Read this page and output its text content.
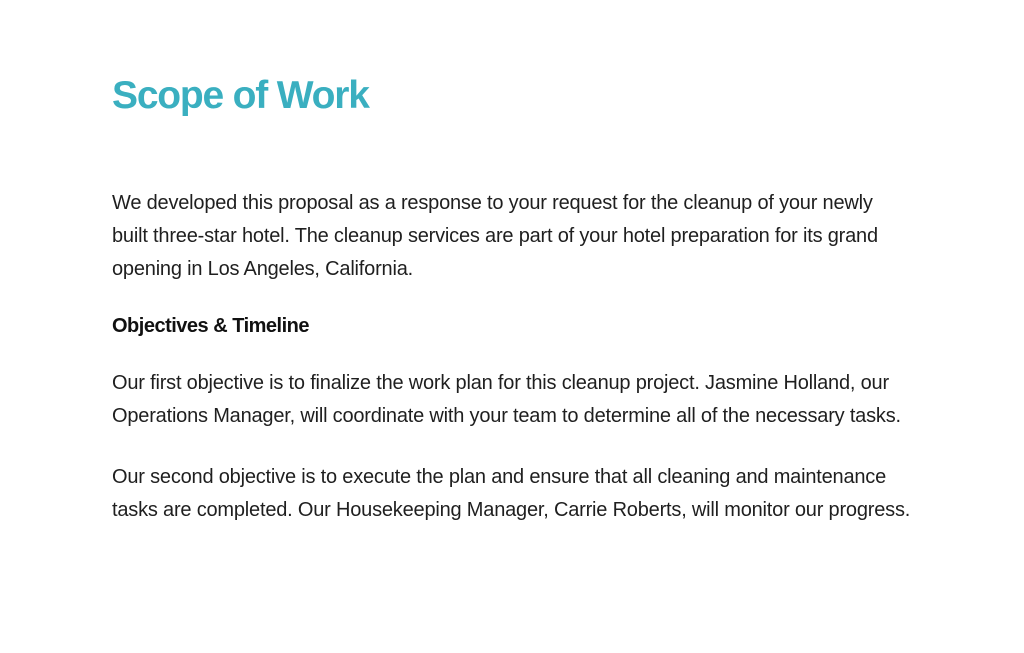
Scope of Work

We developed this proposal as a response to your request for the cleanup of your newly built three-star hotel. The cleanup services are part of your hotel preparation for its grand opening in Los Angeles, California.

Objectives & Timeline

Our first objective is to finalize the work plan for this cleanup project. Jasmine Holland, our Operations Manager, will coordinate with your team to determine all of the necessary tasks.

Our second objective is to execute the plan and ensure that all cleaning and maintenance tasks are completed. Our Housekeeping Manager, Carrie Roberts, will monitor our progress.
